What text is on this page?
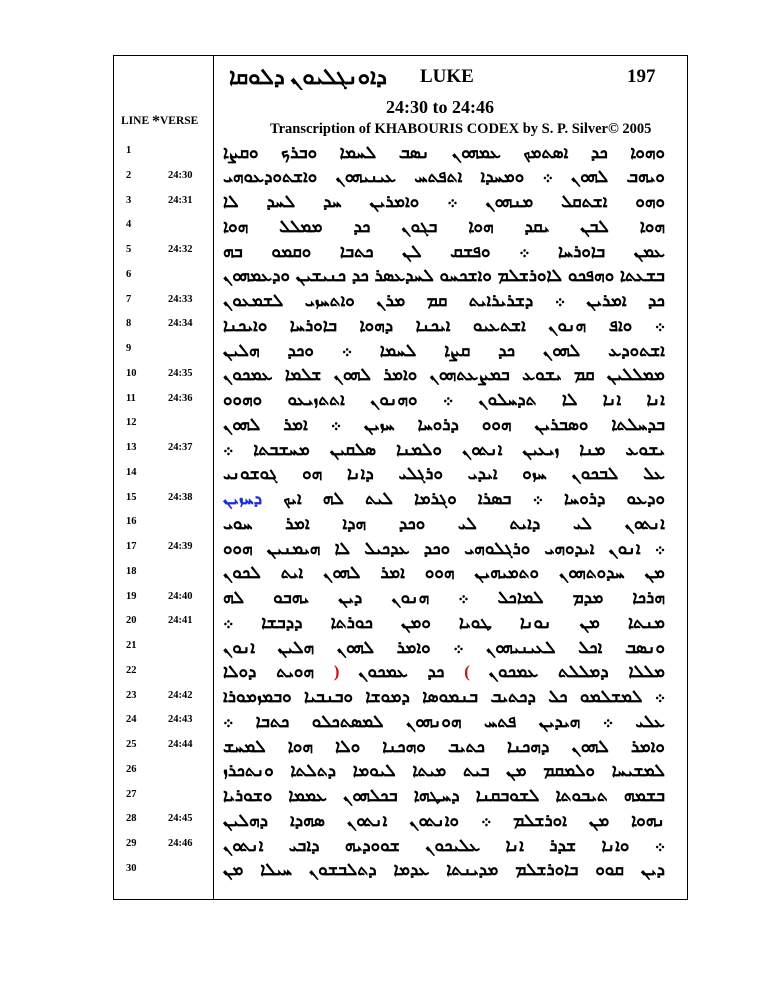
ܕܐܘܢܓܠܝܘܢ ܕܠܘܩܐ LUKE	197
24:30 to 24:46
Transcription of KHABOURIS CODEX by S. P. Silver© 2005
LINE *VERSE
1	ܘܗܘܐ
ܟܕ
ܐܣܬܡܟ
ܥܡܗܘܢ
ܢܣܒ
ܠܚܡܐ
ܘܒܪܟ
ܘܩܨܐ
2	24:30	ܘܝܗܒ
ܠܗܘܢ
܀
ܘܡܚܕܐ
ܐܬܦܬܚ
ܥܝܢܝܗܘܢ
ܘܐܫܬܘܕܥܘܗܝ
3	24:31	ܘܗܘ
ܐܫܬܩܠ
ܡܢܗܘܢ
܀
ܘܐܡܪܝܢ
ܚܕ
ܠܚܕ
ܠܐ
4	ܗܘܐ
ܠܒܢ
ܝܩܕ
ܗܘܐ
ܒܓܘܢ
ܟܕ
ܡܡܠܠ
ܗܘܐ
5	24:32	ܥܡܢ
ܒܐܘܪܚܐ
܀
ܘܦܫܩ
ܠܢ
ܟܬܒܐ
ܘܩܡܘ
ܒܗ
6	ܒܫܥܬܐ
ܘܗܦܟܘ
ܠܐܘܪܫܠܡ
ܘܐܫܟܚܘ
ܠܚܕܥܣܪ
ܟܕ
ܟܢܝܫܝܢ
ܘܕܥܡܗܘܢ
7	24:33	ܟܕ
ܐܡܪܝܢ
܀
ܕܫܪܝܪܐܝܬ
ܩܡ
ܡܪܢ
ܘܐܬܚܙܝ
ܠܫܡܥܘܢ
8	24:34	܀
ܘܐܦ
ܗܢܘܢ
ܐܫܬܥܝܘ
ܐܝܟܢܐ
ܕܗܘܐ
ܒܐܘܪܚܐ
ܘܐܝܟܢܐ
9	ܐܫܬܘܕܥ
ܠܗܘܢ
ܟܕ
ܩܨܐ
ܠܚܡܐ
܀
ܘܟܕ
ܗܠܝܢ
10	24:35	ܡܡܠܠܝܢ
ܩܡ
ܝܫܘܥ
ܒܡܨܥܬܗܘܢ
ܘܐܡܪ
ܠܗܘܢ
ܫܠܡܐ
ܥܡܟܘܢ
11	24:36	ܐܢܐ
ܐܢܐ
ܠܐ
ܬܕܚܠܘܢ
܀
ܘܗܢܘܢ
ܐܬܬܙܝܥܘ
ܘܗܘܘ
12	ܒܕܚܠܬܐ
ܘܣܒܪܝܢ
ܗܘܘ
ܕܪܘܚܐ
ܚܙܝܢ
܀
ܐܡܪ
ܠܗܘܢ
13	24:37	ܝܫܘܥ
ܡܢܐ
ܙܝܥܝܢ
ܐܢܬܘܢ
ܘܠܡܢܐ
ܣܠܩܝܢ
ܡܚܫܒܬܐ
܀
14	ܥܠ
ܠܒܟܘܢ
ܚܙܘ
ܐܝܕܝ
ܘܪܓܠܝ
ܕܐܢܐ
ܗܘ
ܓܘܫܘܢܝ
15	24:38	ܘܕܥܘ
ܕܪܘܚܐ
܀
ܒܣܪܐ
ܘܓܪܡܐ
ܠܝܬ
ܠܗ
ܐܝܟ
ܕܚܙܝܢ
16	ܐܢܬܘܢ
ܠܝ
ܕܐܝܬ
ܠܝ
ܘܟܕ
ܗܕܐ
ܐܡܪ
ܚܘܝ
17	24:39	܀
ܐܢܘܢ
ܐܝܕܘܗܝ
ܘܪܓܠܘܗܝ
ܘܟܕ
ܥܕܟܝܠ
ܠܐ
ܗܝܡܢܝܢ
ܗܘܘ
18	ܡܢ
ܚܕܘܬܗܘܢ
ܘܬܡܝܗܝܢ
ܗܘܘ
ܐܡܪ
ܠܗܘܢ
ܐܝܬ
ܠܟܘܢ
19	24:40	ܗܪܟܐ
ܡܕܡ
ܠܡܐܟܠ
܀
ܗܢܘܢ
ܕܝܢ
ܝܗܒܘ
ܠܗ
20	24:41	ܡܢܬܐ
ܡܢ
ܢܘܢܐ
ܛܘܝܐ
ܘܡܢ
ܟܘܪܬܐ
ܕܕܒܫܐ
܀
21	ܘܢܣܒ
ܐܟܠ
ܠܥܝܢܝܗܘܢ
܀
ܘܐܡܪ
ܠܗܘܢ
ܗܠܝܢ
ܐܢܘܢ
22	ܡܠܠܐ
ܕܡܠܠܬ
ܥܡܟܘܢ
(
ܟܕ
ܥܡܟܘܢ
)
ܗܘܝܬ
ܕܘܠܐ
23	24:42	܀
ܠܡܫܠܡܘ
ܟܠ
ܕܟܬܝܒ
ܒܢܡܘܣܐ
ܕܡܘܫܐ
ܘܒܢܒܝܐ
ܘܒܡܙܡܘܪܐ
24	24:43	ܥܠܝ
܀
ܗܝܕܝܢ
ܦܬܚ
ܗܘܢܗܘܢ
ܠܡܣܬܟܠܘ
ܟܬܒܐ
܀
25	24:44	ܘܐܡܪ
ܠܗܘܢ
ܕܗܟܢܐ
ܟܬܝܒ
ܘܗܟܢܐ
ܘܠܐ
ܗܘܐ
ܠܡܚܫ
26	ܠܡܫܝܚܐ
ܘܠܡܩܡ
ܡܢ
ܒܝܬ
ܡܝܬܐ
ܠܝܘܡܐ
ܕܬܠܬܐ
ܘܢܬܟܪܙ
27	ܒܫܡܗ
ܬܝܒܘܬܐ
ܠܫܘܒܩܢܐ
ܕܚܛܗܐ
ܒܟܠܗܘܢ
ܥܡܡܐ
ܘܫܘܪܝܐ
28	24:45	ܢܗܘܐ
ܡܢ
ܐܘܪܫܠܡ
܀
ܘܐܢܬܘܢ
ܐܢܬܘܢ
ܣܗܕܐ
ܕܗܠܝܢ
29	24:46	܀
ܘܐܢܐ
ܫܕܪ
ܐܢܐ
ܥܠܝܟܘܢ
ܫܘܘܕܝܗ
ܕܐܒܝ
ܐܢܬܘܢ
30	ܕܝܢ
ܩܘܘ
ܒܐܘܪܫܠܡ
ܡܕܝܢܬܐ
ܥܕܡܐ
ܕܬܠܒܫܘܢ
ܚܝܠܐ
ܡܢ
